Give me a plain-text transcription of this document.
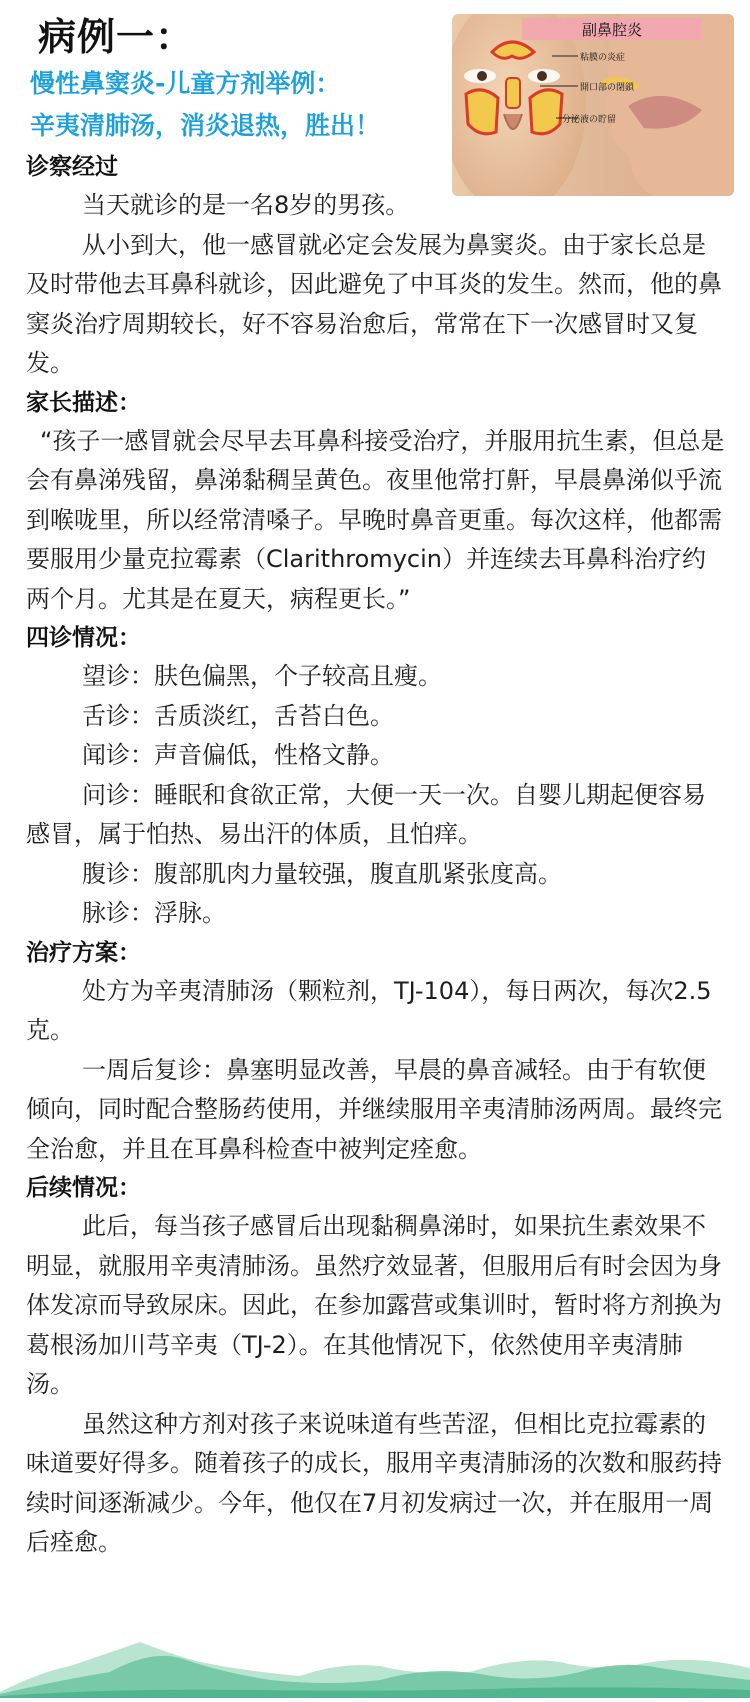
病例一：
慢性鼻窦炎-儿童方剂举例：
辛夷清肺汤，消炎退热，胜出！
副鼻腔炎
粘膜の炎症
開口部の閉鎖
分泌液の貯留

诊察经过

当天就诊的是一名8岁的男孩。

从小到大，他一感冒就必定会发展为鼻窦炎。由于家长总是及时带他去耳鼻科就诊，因此避免了中耳炎的发生。然而，他的鼻窦炎治疗周期较长，好不容易治愈后，常常在下一次感冒时又复发。

家长描述：

“孩子一感冒就会尽早去耳鼻科接受治疗，并服用抗生素，但总是会有鼻涕残留，鼻涕黏稠呈黄色。夜里他常打鼾，早晨鼻涕似乎流到喉咙里，所以经常清嗓子。早晚时鼻音更重。每次这样，他都需要服用少量克拉霉素（Clarithromycin）并连续去耳鼻科治疗约两个月。尤其是在夏天，病程更长。”

四诊情况：

望诊：肤色偏黑，个子较高且瘦。

舌诊：舌质淡红，舌苔白色。

闻诊：声音偏低，性格文静。

问诊：睡眠和食欲正常，大便一天一次。自婴儿期起便容易感冒，属于怕热、易出汗的体质，且怕痒。

腹诊：腹部肌肉力量较强，腹直肌紧张度高。

脉诊：浮脉。

治疗方案：

处方为辛夷清肺汤（颗粒剂，TJ-104），每日两次，每次2.5克。

一周后复诊：鼻塞明显改善，早晨的鼻音减轻。由于有软便倾向，同时配合整肠药使用，并继续服用辛夷清肺汤两周。最终完全治愈，并且在耳鼻科检查中被判定痊愈。

后续情况：

此后，每当孩子感冒后出现黏稠鼻涕时，如果抗生素效果不明显，就服用辛夷清肺汤。虽然疗效显著，但服用后有时会因为身体发凉而导致尿床。因此，在参加露营或集训时，暂时将方剂换为葛根汤加川芎辛夷（TJ-2）。在其他情况下，依然使用辛夷清肺汤。

虽然这种方剂对孩子来说味道有些苦涩，但相比克拉霉素的味道要好得多。随着孩子的成长，服用辛夷清肺汤的次数和服药持续时间逐渐减少。今年，他仅在7月初发病过一次，并在服用一周后痊愈。
